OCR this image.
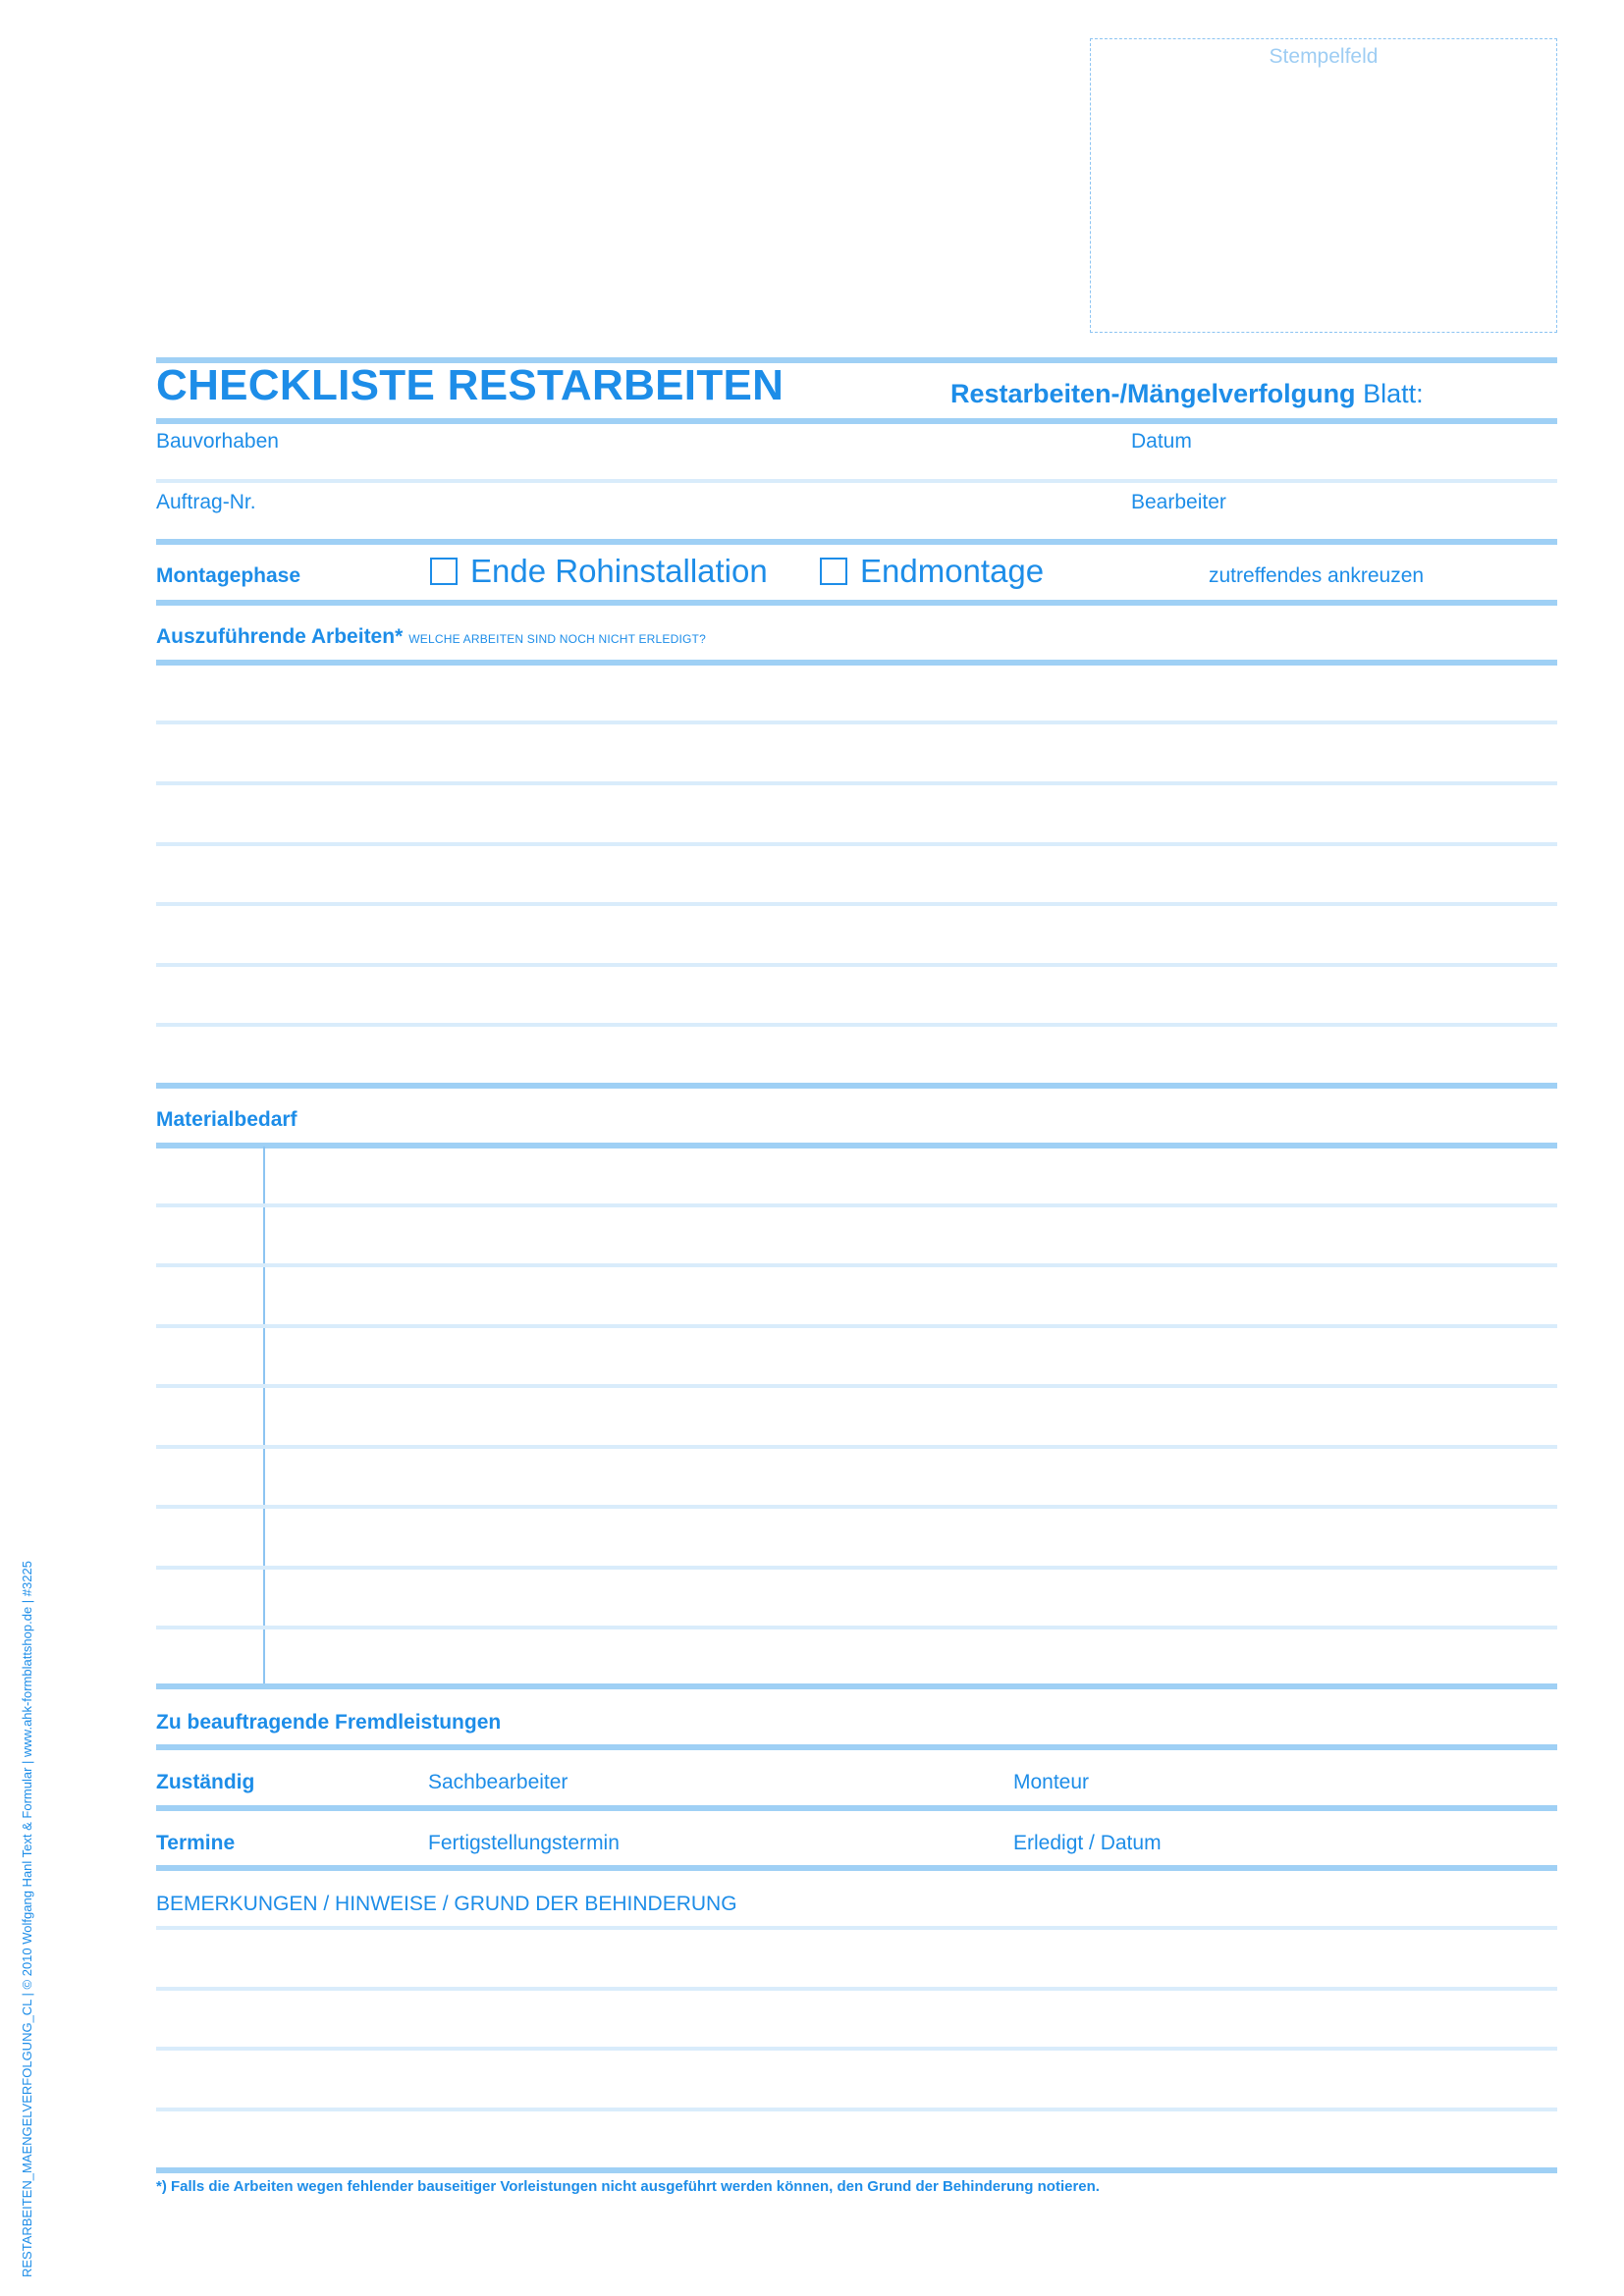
Stempelfeld
CHECKLISTE RESTARBEITEN	Restarbeiten-/Mängelverfolgung Blatt:
Bauvorhaben	Datum
Auftrag-Nr.	Bearbeiter
Montagephase	Ende Rohinstallation	Endmontage	zutreffendes ankreuzen
Auszuführende Arbeiten* WELCHE ARBEITEN SIND NOCH NICHT ERLEDIGT?
Materialbedarf
Zu beauftragende Fremdleistungen
Zuständig	Sachbearbeiter	Monteur
Termine	Fertigstellungstermin	Erledigt / Datum
BEMERKUNGEN / HINWEISE / GRUND DER BEHINDERUNG
*) Falls die Arbeiten wegen fehlender bauseitiger Vorleistungen nicht ausgeführt werden können, den Grund der Behinderung notieren.
RESTARBEITEN_MAENGELVERFOLGUNG_CL | © 2010 Wolfgang Hanl Text & Formular | www.ahk-formblattshop.de | #3225
